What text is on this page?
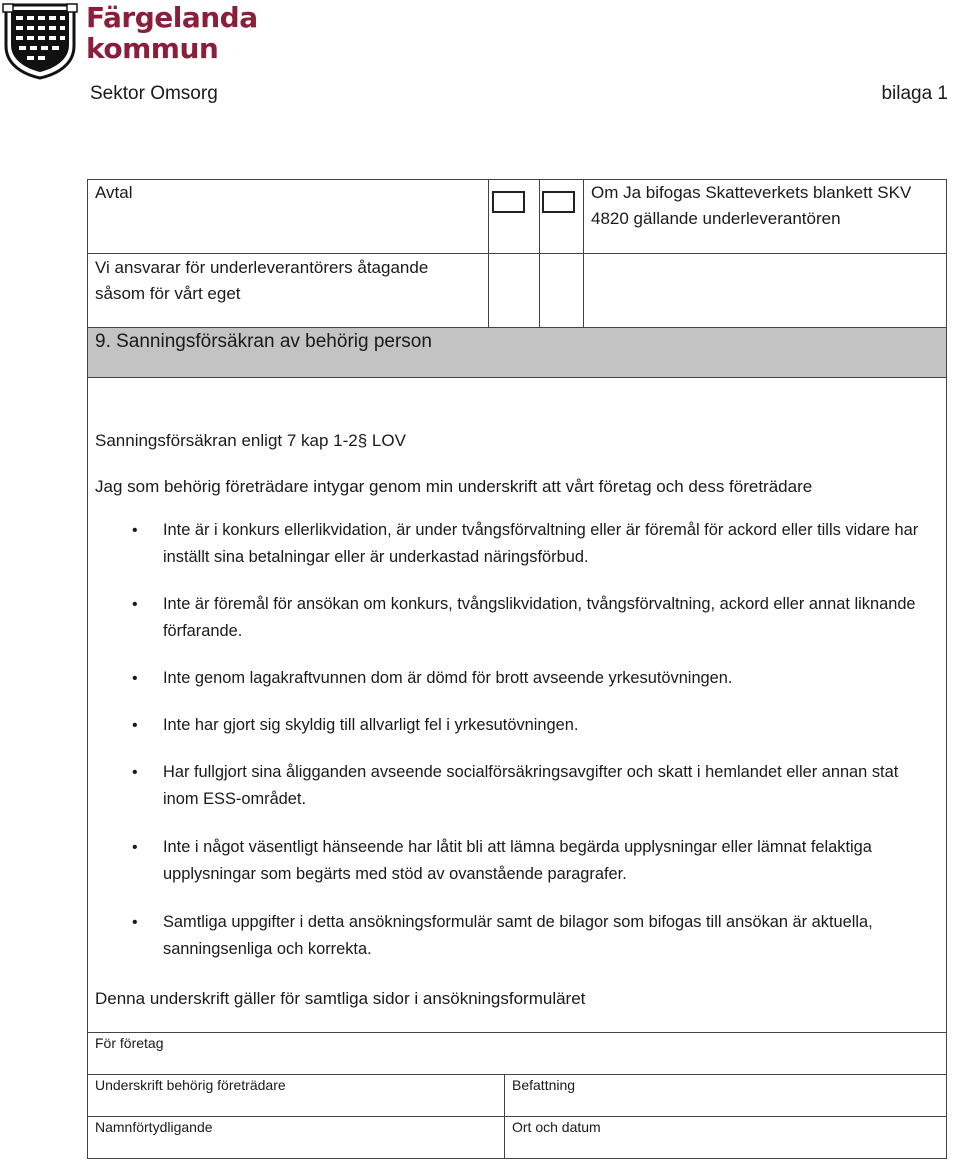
Färgelanda
kommun
Sektor Omsorg	bilaga 1
Avtal	Om Ja bifogas Skatteverkets blankett SKV 4820 gällande underleverantören
Vi ansvarar för underleverantörers åtagande såsom för vårt eget
9. Sanningsförsäkran av behörig person
Sanningsförsäkran enligt 7 kap 1-2§ LOV
Jag som behörig företrädare intygar genom min underskrift att vårt företag och dess företrädare
• Inte är i konkurs ellerlikvidation, är under tvångsförvaltning eller är föremål för ackord eller tills vidare har inställt sina betalningar eller är underkastad näringsförbud.
• Inte är föremål för ansökan om konkurs, tvångslikvidation, tvångsförvaltning, ackord eller annat liknande förfarande.
• Inte genom lagakraftvunnen dom är dömd för brott avseende yrkesutövningen.
• Inte har gjort sig skyldig till allvarligt fel i yrkesutövningen.
• Har fullgjort sina åligganden avseende socialförsäkringsavgifter och skatt i hemlandet eller annan stat inom ESS-området.
• Inte i något väsentligt hänseende har låtit bli att lämna begärda upplysningar eller lämnat felaktiga upplysningar som begärts med stöd av ovanstående paragrafer.
• Samtliga uppgifter i detta ansökningsformulär samt de bilagor som bifogas till ansökan är aktuella, sanningsenliga och korrekta.
Denna underskrift gäller för samtliga sidor i ansökningsformuläret
För företag
Underskrift behörig företrädare	Befattning
Namnförtydligande	Ort och datum
